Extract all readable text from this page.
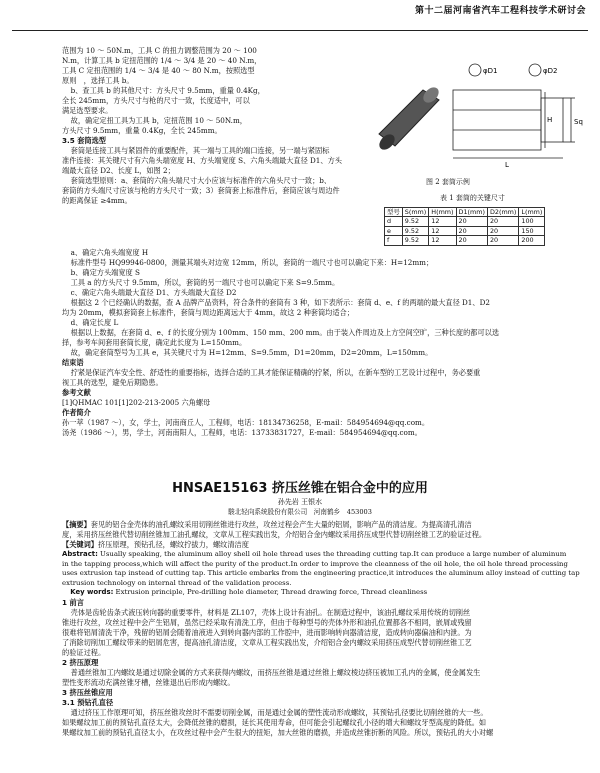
第十二届河南省汽车工程科技学术研讨会

范围为 10 ～ 50N.m，工具 C 的扭力调整范围为 20 ～ 100

N.m，计算工具 b 定扭范围的 1/4 ～ 3/4 是 20 ～ 40 N.m，

工具 C 定扭范围的 1/4 ～ 3/4 是 40 ～ 80 N.m，按照选型

原则　，选择工具 b。

b、查工具 b 的其他尺寸：方头尺寸 9.5mm，重量 0.4Kg，

全长 245mm，方头尺寸与枪的尺寸一致，长度适中，可以

满足选型要求。

故，确定定扭工具为工具 b，定扭范围 10 ～ 50N.m，

方头尺寸 9.5mm，重量 0.4Kg，全长 245mm。

3.5 套筒选型

套筒是连接工具与紧固件的重要配件，其一端与工具的端口连接，另一端与紧固标

准件连接：其关键尺寸有六角头端宽度 H、方头端宽度 S、六角头端最大直径 D1、方头

端最大直径 D2、长度 L，如图 2；

套筒选型原则：a、套筒的六角头端尺寸大小应该与标准件的六角头尺寸一致；b、

套筒的方头端尺寸应该与枪的方头尺寸一致；3）套筒套上标准件后，套筒应该与周边件

的距离保证 ≥4mm。

φD1	φD2
H
L
Sq
图 2 套筒示例
表 1 套筒的关键尺寸
型号	S(mm)	H(mm)	D1(mm)	D2(mm)	L(mm)
d	9.52	12	20	20	100
e	9.52	12	20	20	150
f	9.52	12	20	20	200

a、确定六角头端宽度 H

标准件型号 HQ99946-0800，测量其端头对边宽 12mm，所以，套筒的一端尺寸也可以确定下来：H=12mm；

b、确定方头端宽度 S

工具 a 的方头尺寸 9.5mm，所以，套筒的另一端尺寸也可以确定下来 S=9.5mm。

c、确定六角头端最大直径 D1、方头端最大直径 D2

根据这 2 个已经确认的数据，查 A 品牌产品资料，符合条件的套筒有 3 种，如下表所示：套筒 d、e、f 的两端的最大直径 D1、D2

均为 20mm，模拟套筒套上标准件，套筒与周边距离远大于 4mm，故这 2 种套筒均适合；

d、确定长度 L

根据以上数据，在套筒 d、e、f 的长度分别为 100mm、150 mm、200 mm。由于装入件周边及上方空间空旷，三种长度的都可以选

择，参考车间套用套筒长度，确定此长度为 L=150mm。

故，确定套筒型号为工具 e，其关键尺寸为 H=12mm、S=9.5mm，D1=20mm，D2=20mm，L=150mm。

结束语

拧紧是保证汽车安全性、舒适性的重要指标，选择合适的工具才能保证精确的拧紧，所以，在新车型的工艺设计过程中，务必要重

视工具的选型，避免后期隐患。

参考文献

[1]QHMAC 101[1]202-213-2005 六角螺母

作者简介

孙一萃（1987 ～），女，学士，河南商丘人，工程师，电话：18134736258，E-mail：584954694@qq.com。

汤尧（1986 ～），男，学士，河南南阳人，工程师，电话：13733831727，E-mail：584954694@qq.com。

HNSAE15163 挤压丝锥在铝合金中的应用
孙先岩 王银水
駿北轻向系统股份有限公司　河南鹤乡　453003

【摘要】套见的铝合金壳体的油孔螺纹采用切削丝锥进行攻丝，攻丝过程会产生大量的铝屑，影响产品的清洁度。为提高清孔清洁

度，采用挤压丝锥代替切削丝锥加工油孔螺纹，文章从工程实践出发，介绍铝合金内螺纹采用挤压成型代替切削丝锥工艺的验证过程。

【关键词】挤压原理，预钻孔径，螺纹拧拔力，螺纹清洁度

Abstract: Usually speaking, the aluminum alloy shell oil hole thread uses the threading cutting tap.It can produce a large number of aluminum

in the tapping process,which will affect the purity of the product.In order to improve the cleanness of the oil hole, the oil hole thread processing

uses extrusion tap instead of cutting tap. This article embarks from the engineering practice,it introduces the aluminum alloy instead of cutting tap

extrusion technology on internal thread of the validation process.

Key words: Extrusion principle, Pre-drilling hole diameter, Thread drawing force, Thread cleanliness

1 前言

壳体是齿轮齿条式液压转向器的重要零件，材料是 ZL107，壳体上设计有油孔。在制造过程中，该油孔螺纹采用传统的切削丝

锥进行攻丝，攻丝过程中会产生铝屑，虽然已经采取有清洗工序，但由于每种型号的壳体外形和油孔位置都各不相同，嵌屑或残留

很难将铝屑清洗干净，残留的铝屑会随着油液进入到转向器内部的工作腔中，进而影响转向器清洁度，造成转向器偏油和内泄。为

了消除切削加工螺纹带来的铝屑危害，提高油孔清洁度，文章从工程实践出发，介绍铝合金内螺纹采用挤压成型代替切削丝锥工艺

的验证过程。

2 挤压原理

普通丝锥加工内螺纹是通过切除金属的方式来获得内螺纹，而挤压丝锥是通过丝锥上螺纹棱边挤压被加工孔内的金属，使金属发生

塑性变形流动充满丝锥牙槽，丝锥退出后形成内螺纹。

3 挤压丝锥应用

3.1 预钻孔直径

通过挤压工作原理可知，挤压丝锥攻丝时不需要切削金属，而是通过金属的塑性流动形成螺纹，其预钻孔径要比切削丝锥的大一些。

如果螺纹加工前的预钻孔直径太大，会降低丝锥的磨损，延长其使用寿命，但可能会引起螺纹孔小径的增大和螺纹牙型高度的降低。如

果螺纹加工前的预钻孔直径太小，在攻丝过程中会产生很大的扭矩，加大丝锥的磨损，并造成丝锥折断的风险。所以，预钻孔的大小对螺
